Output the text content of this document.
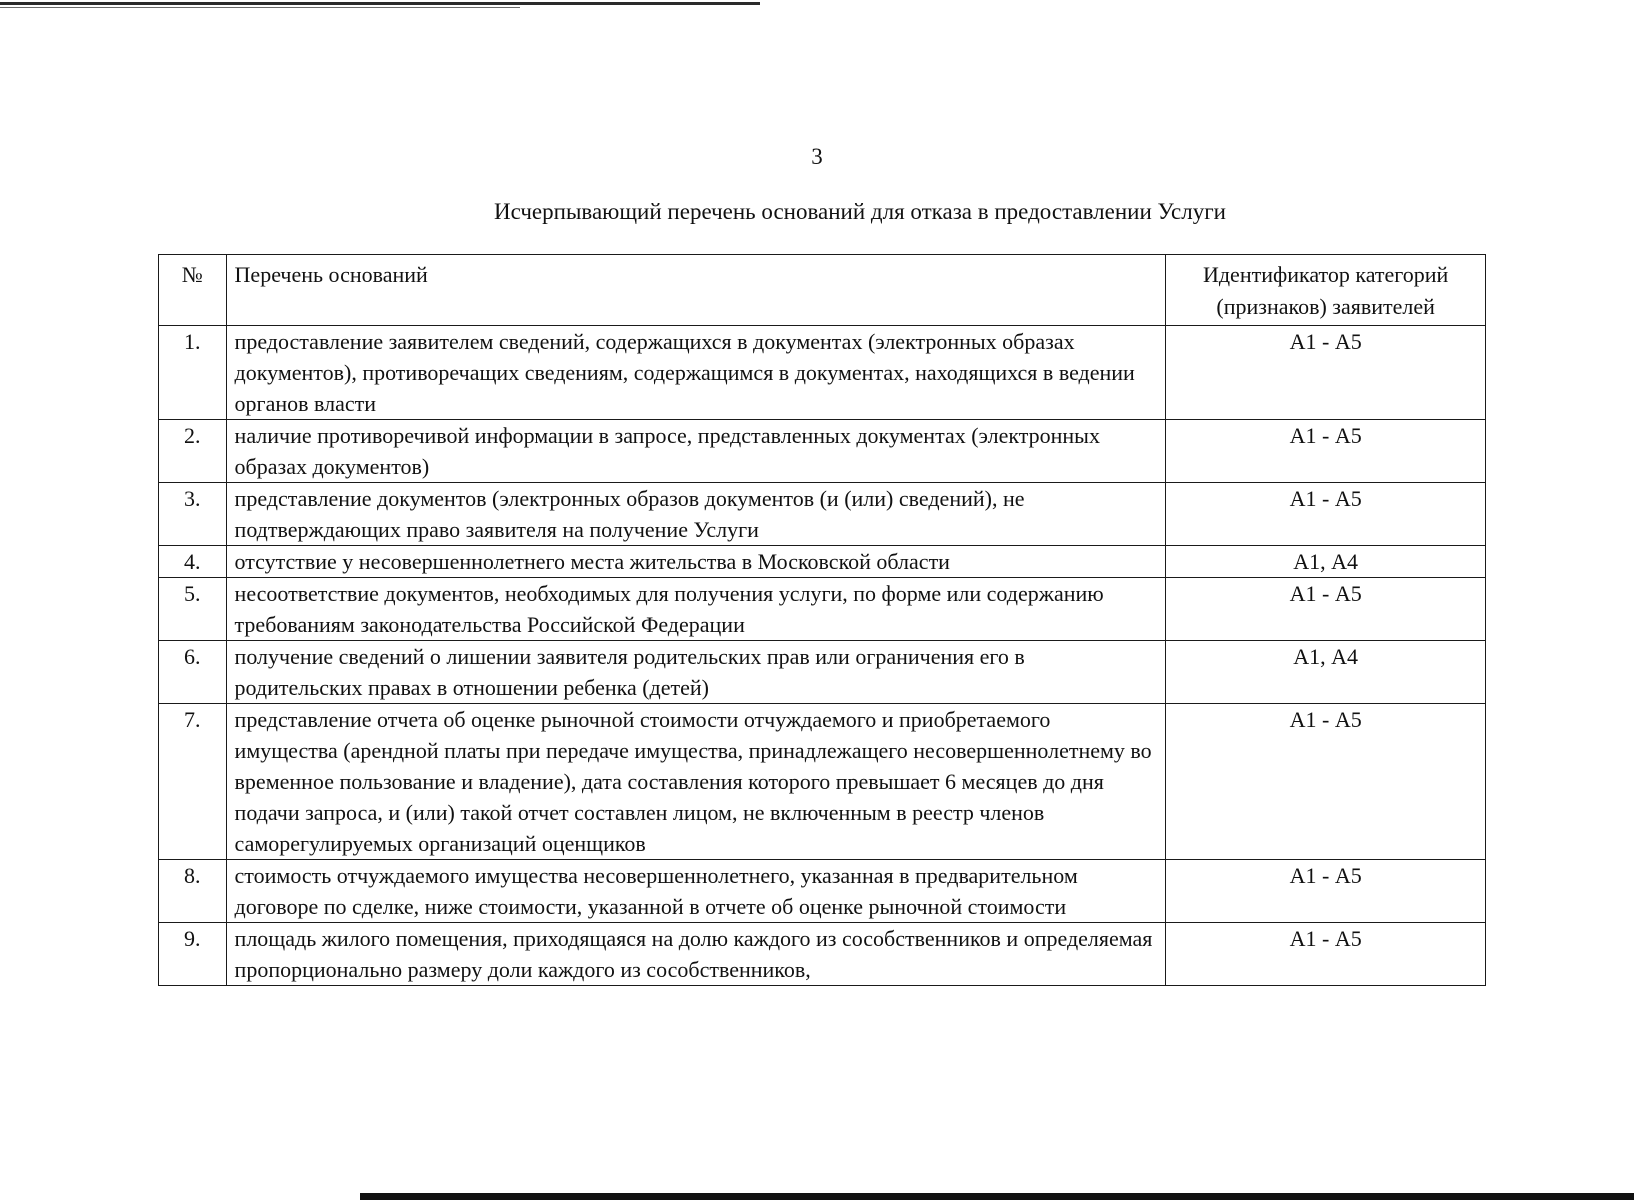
3
Исчерпывающий перечень оснований для отказа в предоставлении Услуги
№	Перечень оснований	Идентификатор категорий (признаков) заявителей
1.	предоставление заявителем сведений, содержащихся в документах (электронных образах документов), противоречащих сведениям, содержащимся в документах, находящихся в ведении органов власти	А1 - А5
2.	наличие противоречивой информации в запросе, представленных документах (электронных образах документов)	А1 - А5
3.	представление документов (электронных образов документов (и (или) сведений), не подтверждающих право заявителя на получение Услуги	А1 - А5
4.	отсутствие у несовершеннолетнего места жительства в Московской области	А1, А4
5.	несоответствие документов, необходимых для получения услуги, по форме или содержанию требованиям законодательства Российской Федерации	А1 - А5
6.	получение сведений о лишении заявителя родительских прав или ограничения его в родительских правах в отношении ребенка (детей)	А1, А4
7.	представление отчета об оценке рыночной стоимости отчуждаемого и приобретаемого имущества (арендной платы при передаче имущества, принадлежащего несовершеннолетнему во временное пользование и владение), дата составления которого превышает 6 месяцев до дня подачи запроса, и (или) такой отчет составлен лицом, не включенным в реестр членов саморегулируемых организаций оценщиков	А1 - А5
8.	стоимость отчуждаемого имущества несовершеннолетнего, указанная в предварительном договоре по сделке, ниже стоимости, указанной в отчете об оценке рыночной стоимости	А1 - А5
9.	площадь жилого помещения, приходящаяся на долю каждого из сособственников и определяемая пропорционально размеру доли каждого из сособственников,	А1 - А5
